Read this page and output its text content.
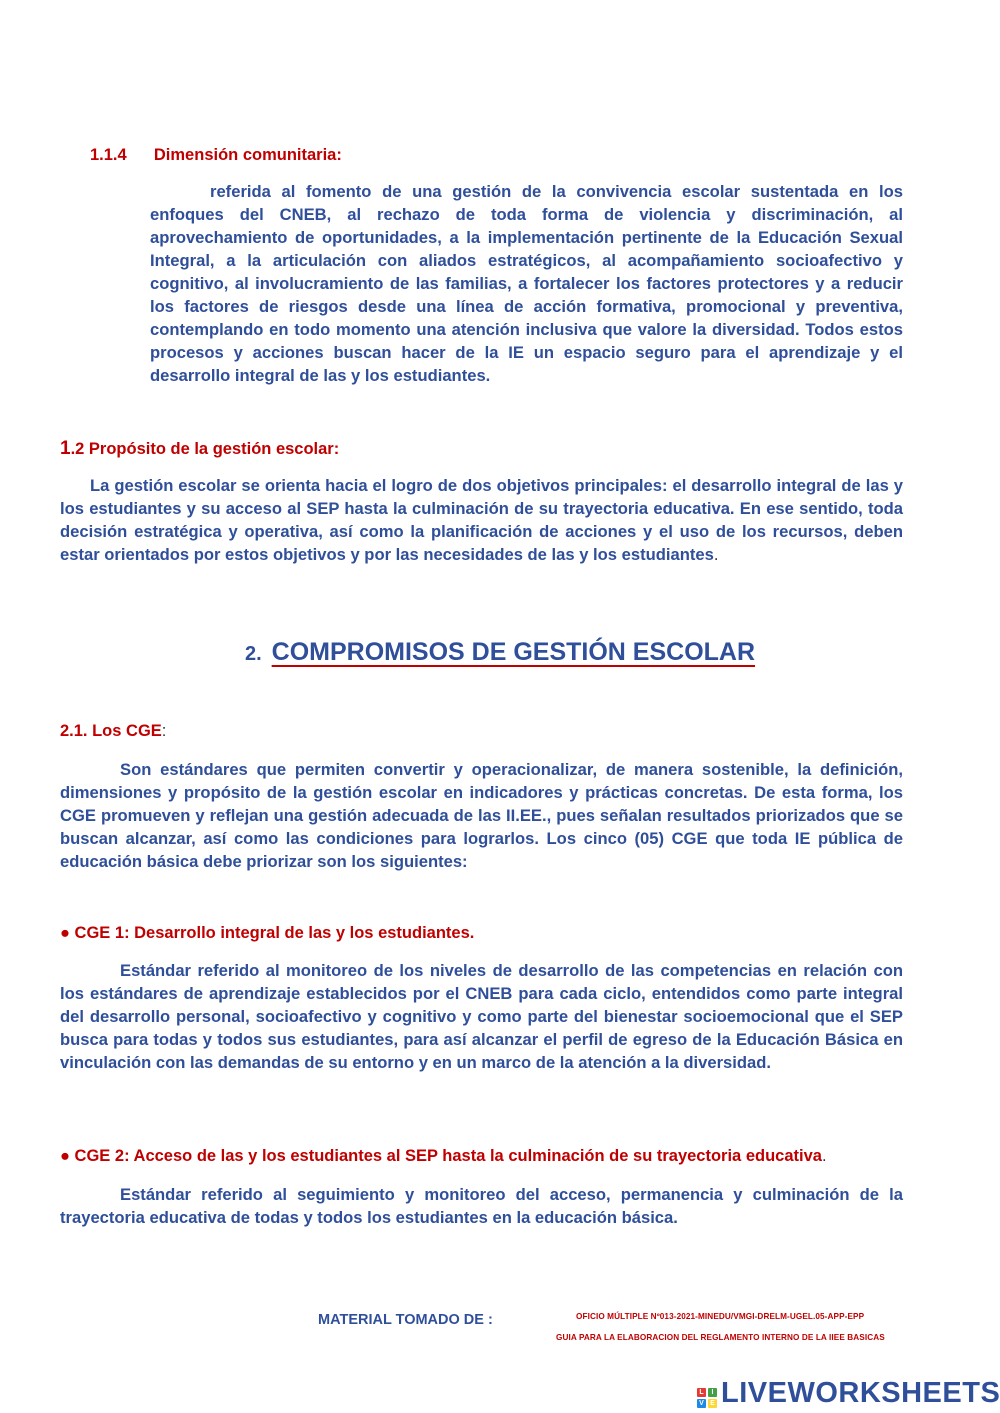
1.1.4 Dimensión comunitaria:
referida al fomento de una gestión de la convivencia escolar sustentada en los enfoques del CNEB, al rechazo de toda forma de violencia y discriminación, al aprovechamiento de oportunidades, a la implementación pertinente de la Educación Sexual Integral, a la articulación con aliados estratégicos, al acompañamiento socioafectivo y cognitivo, al involucramiento de las familias, a fortalecer los factores protectores y a reducir los factores de riesgos desde una línea de acción formativa, promocional y preventiva, contemplando en todo momento una atención inclusiva que valore la diversidad. Todos estos procesos y acciones buscan hacer de la IE un espacio seguro para el aprendizaje y el desarrollo integral de las y los estudiantes.
1.2 Propósito de la gestión escolar:
La gestión escolar se orienta hacia el logro de dos objetivos principales: el desarrollo integral de las y los estudiantes y su acceso al SEP hasta la culminación de su trayectoria educativa. En ese sentido, toda decisión estratégica y operativa, así como la planificación de acciones y el uso de los recursos, deben estar orientados por estos objetivos y por las necesidades de las y los estudiantes.
2. COMPROMISOS DE GESTIÓN ESCOLAR
2.1. Los CGE:
Son estándares que permiten convertir y operacionalizar, de manera sostenible, la definición, dimensiones y propósito de la gestión escolar en indicadores y prácticas concretas. De esta forma, los CGE promueven y reflejan una gestión adecuada de las II.EE., pues señalan resultados priorizados que se buscan alcanzar, así como las condiciones para lograrlos. Los cinco (05) CGE que toda IE pública de educación básica debe priorizar son los siguientes:
● CGE 1: Desarrollo integral de las y los estudiantes.
Estándar referido al monitoreo de los niveles de desarrollo de las competencias en relación con los estándares de aprendizaje establecidos por el CNEB para cada ciclo, entendidos como parte integral del desarrollo personal, socioafectivo y cognitivo y como parte del bienestar socioemocional que el SEP busca para todas y todos sus estudiantes, para así alcanzar el perfil de egreso de la Educación Básica en vinculación con las demandas de su entorno y en un marco de la atención a la diversidad.
● CGE 2: Acceso de las y los estudiantes al SEP hasta la culminación de su trayectoria educativa.
Estándar referido al seguimiento y monitoreo del acceso, permanencia y culminación de la trayectoria educativa de todas y todos los estudiantes en la educación básica.
MATERIAL TOMADO DE :	OFICIO MÚLTIPLE Nº013-2021-MINEDU/VMGI-DRELM-UGEL.05-APP-EPP
GUIA PARA LA ELABORACION DEL REGLAMENTO INTERNO DE LA IIEE BASICAS
L	I
V E LIVEWORKSHEETS
